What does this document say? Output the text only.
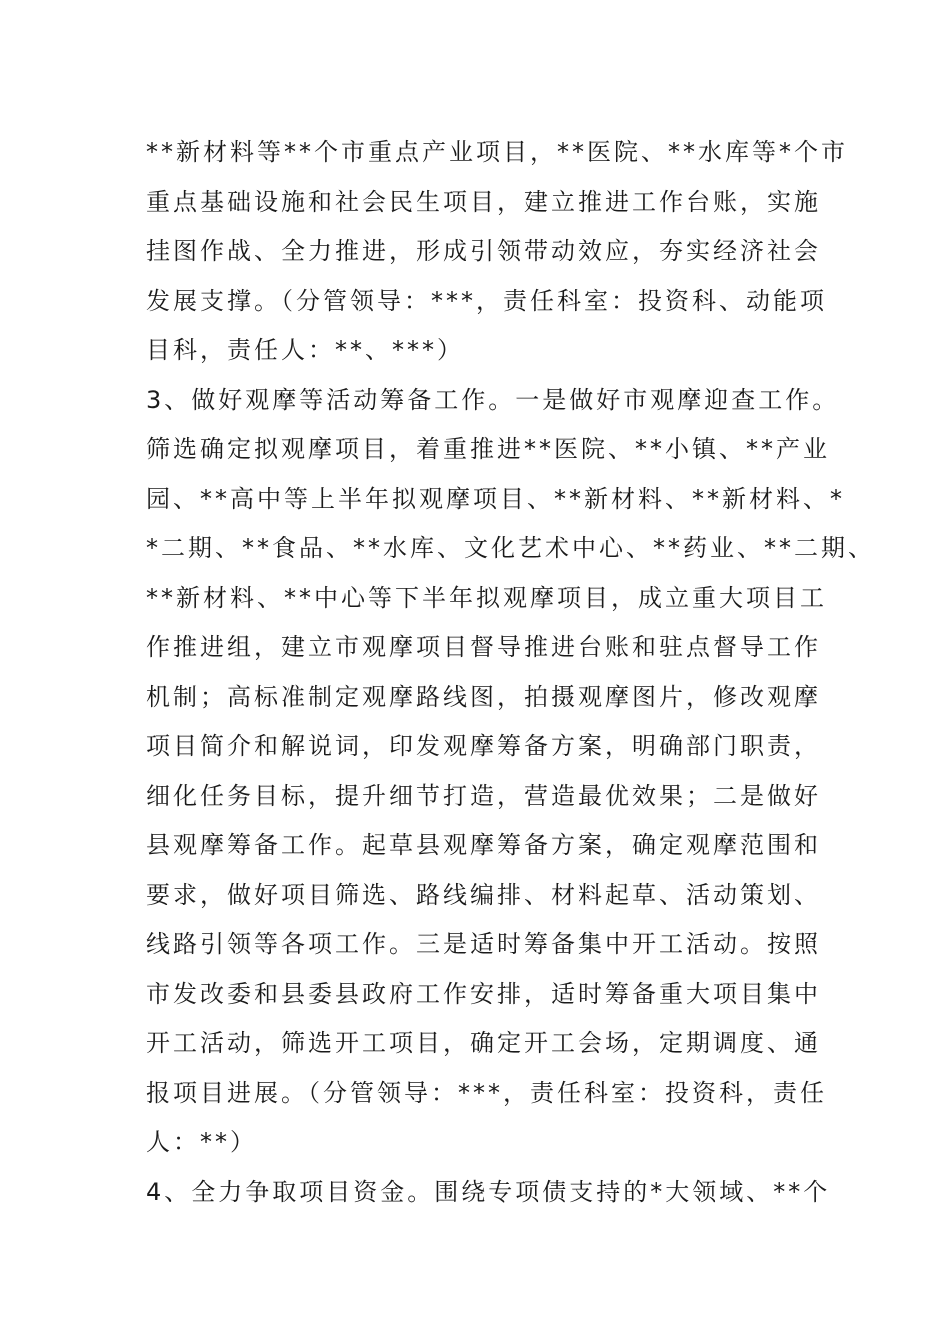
**新材料等**个市重点产业项目，**医院、**水库等*个市
重点基础设施和社会民生项目，建立推进工作台账，实施
挂图作战、全力推进，形成引领带动效应，夯实经济社会
发展支撑。（分管领导：***，责任科室：投资科、动能项
目科，责任人：**、***）
3、做好观摩等活动筹备工作。一是做好市观摩迎查工作。
筛选确定拟观摩项目，着重推进**医院、**小镇、**产业
园、**高中等上半年拟观摩项目、**新材料、**新材料、*
*二期、**食品、**水库、文化艺术中心、**药业、**二期、
**新材料、**中心等下半年拟观摩项目，成立重大项目工
作推进组，建立市观摩项目督导推进台账和驻点督导工作
机制；高标准制定观摩路线图，拍摄观摩图片，修改观摩
项目简介和解说词，印发观摩筹备方案，明确部门职责，
细化任务目标，提升细节打造，营造最优效果；二是做好
县观摩筹备工作。起草县观摩筹备方案，确定观摩范围和
要求，做好项目筛选、路线编排、材料起草、活动策划、
线路引领等各项工作。三是适时筹备集中开工活动。按照
市发改委和县委县政府工作安排，适时筹备重大项目集中
开工活动，筛选开工项目，确定开工会场，定期调度、通
报项目进展。（分管领导：***，责任科室：投资科，责任
人：**）
4、全力争取项目资金。围绕专项债支持的*大领域、**个
